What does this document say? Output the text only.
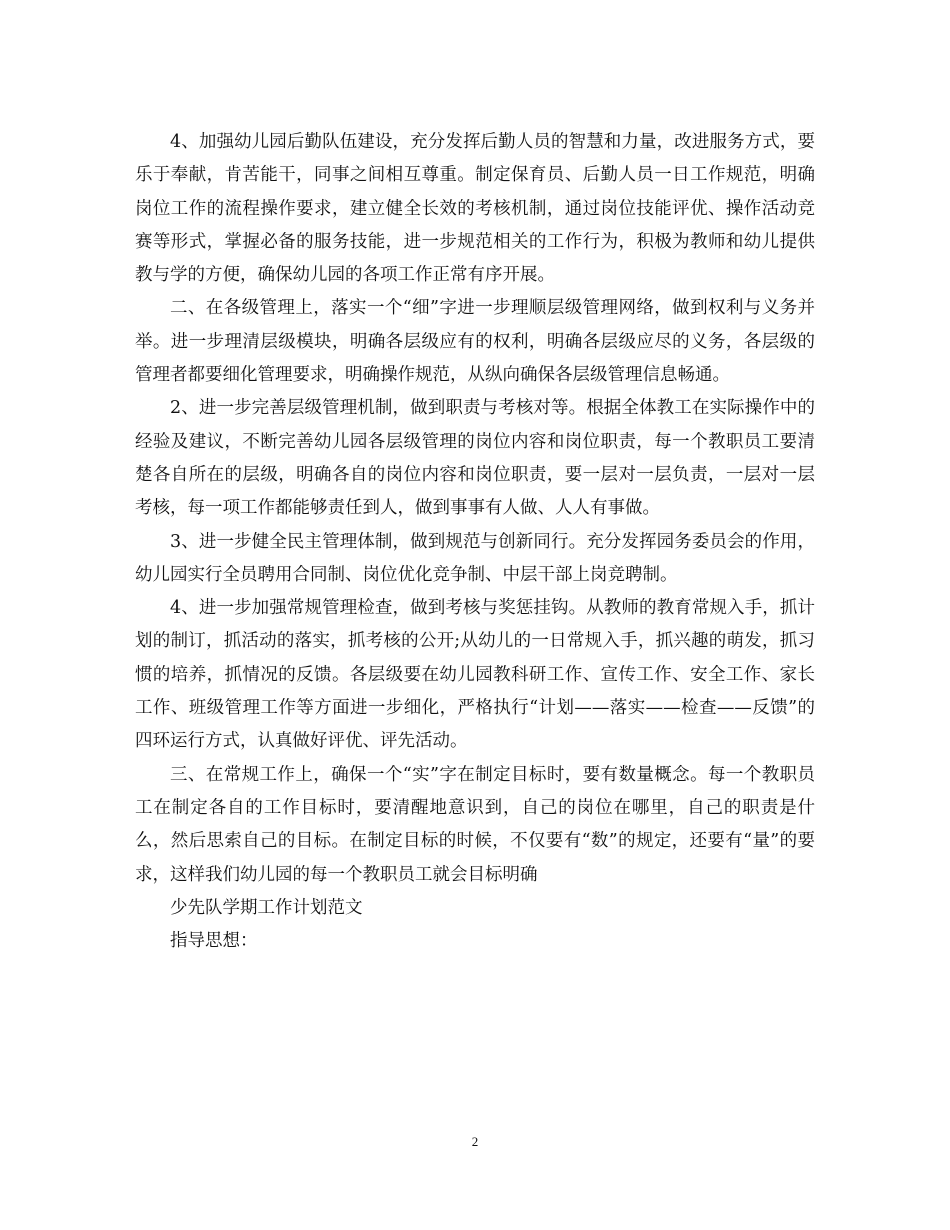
4、加强幼儿园后勤队伍建设，充分发挥后勤人员的智慧和力量，改进服务方式，要乐于奉献，肯苦能干，同事之间相互尊重。制定保育员、后勤人员一日工作规范，明确岗位工作的流程操作要求，建立健全长效的考核机制，通过岗位技能评优、操作活动竞赛等形式，掌握必备的服务技能，进一步规范相关的工作行为，积极为教师和幼儿提供教与学的方便，确保幼儿园的各项工作正常有序开展。

二、在各级管理上，落实一个“细”字进一步理顺层级管理网络，做到权利与义务并举。进一步理清层级模块，明确各层级应有的权利，明确各层级应尽的义务，各层级的管理者都要细化管理要求，明确操作规范，从纵向确保各层级管理信息畅通。

2、进一步完善层级管理机制，做到职责与考核对等。根据全体教工在实际操作中的经验及建议，不断完善幼儿园各层级管理的岗位内容和岗位职责，每一个教职员工要清楚各自所在的层级，明确各自的岗位内容和岗位职责，要一层对一层负责，一层对一层考核，每一项工作都能够责任到人，做到事事有人做、人人有事做。

3、进一步健全民主管理体制，做到规范与创新同行。充分发挥园务委员会的作用，幼儿园实行全员聘用合同制、岗位优化竞争制、中层干部上岗竞聘制。

4、进一步加强常规管理检查，做到考核与奖惩挂钩。从教师的教育常规入手，抓计划的制订，抓活动的落实，抓考核的公开;从幼儿的一日常规入手，抓兴趣的萌发，抓习惯的培养，抓情况的反馈。各层级要在幼儿园教科研工作、宣传工作、安全工作、家长工作、班级管理工作等方面进一步细化，严格执行“计划——落实——检查——反馈”的四环运行方式，认真做好评优、评先活动。

三、在常规工作上，确保一个“实”字在制定目标时，要有数量概念。每一个教职员工在制定各自的工作目标时，要清醒地意识到，自己的岗位在哪里，自己的职责是什么，然后思索自己的目标。在制定目标的时候，不仅要有“数”的规定，还要有“量”的要求，这样我们幼儿园的每一个教职员工就会目标明确

少先队学期工作计划范文

指导思想：

2
